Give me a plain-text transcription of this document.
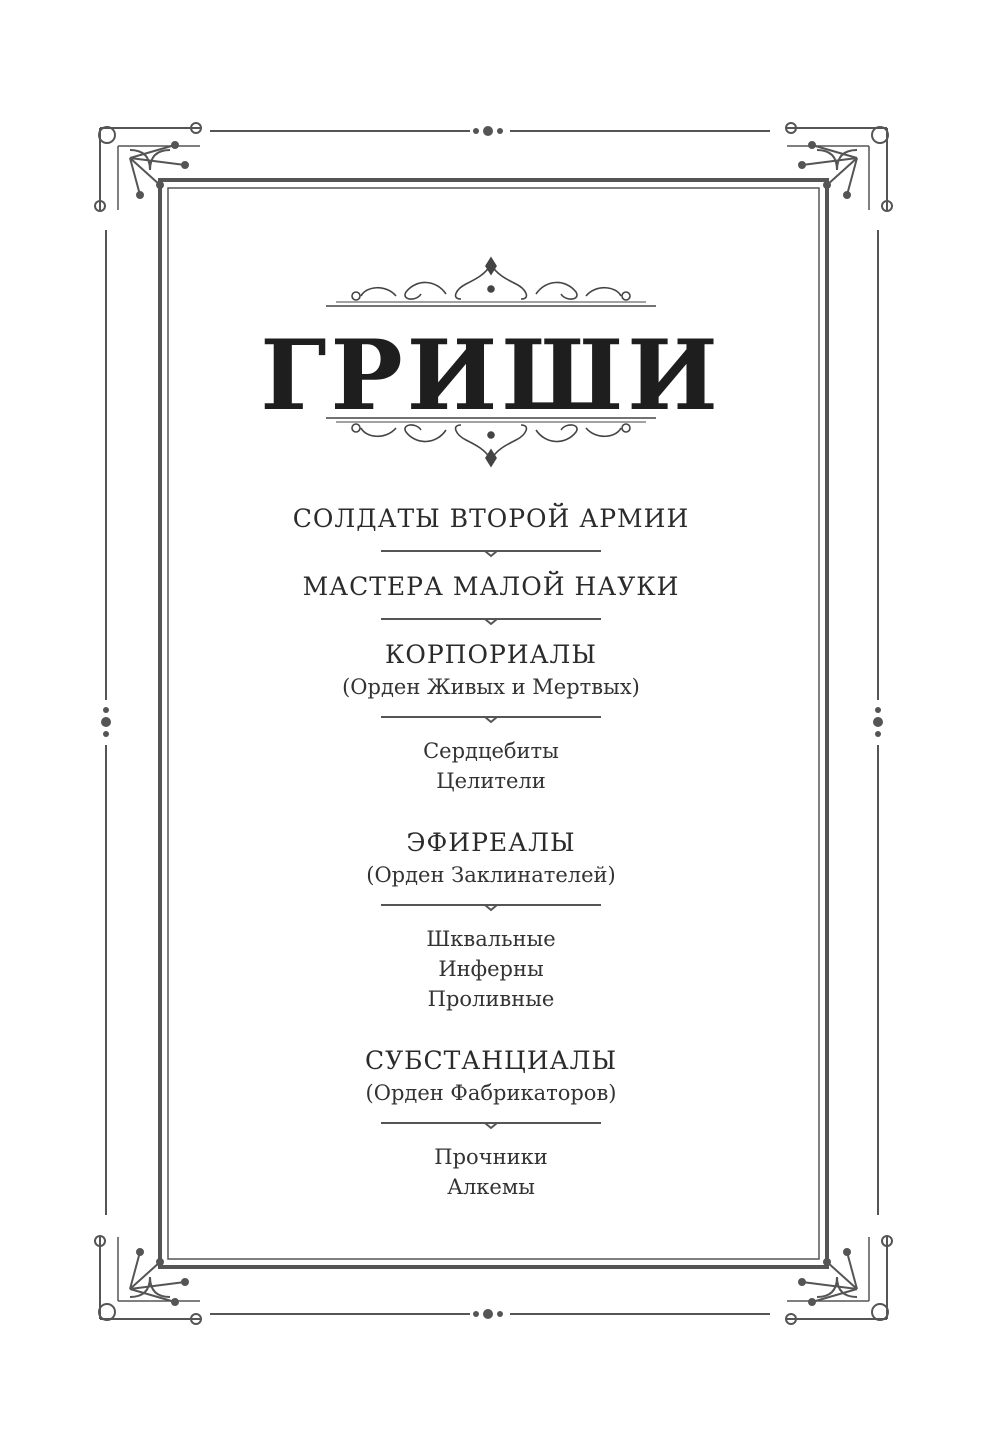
ГРИШИ

СОЛДАТЫ ВТОРОЙ АРМИИ

МАСТЕРА МАЛОЙ НАУКИ

КОРПОРИАЛЫ

(Орден Живых и Мертвых)

Сердцебиты

Целители

ЭФИРЕАЛЫ

(Орден Заклинателей)

Шквальные

Инферны

Проливные

СУБСТАНЦИАЛЫ

(Орден Фабрикаторов)

Прочники

Алкемы
